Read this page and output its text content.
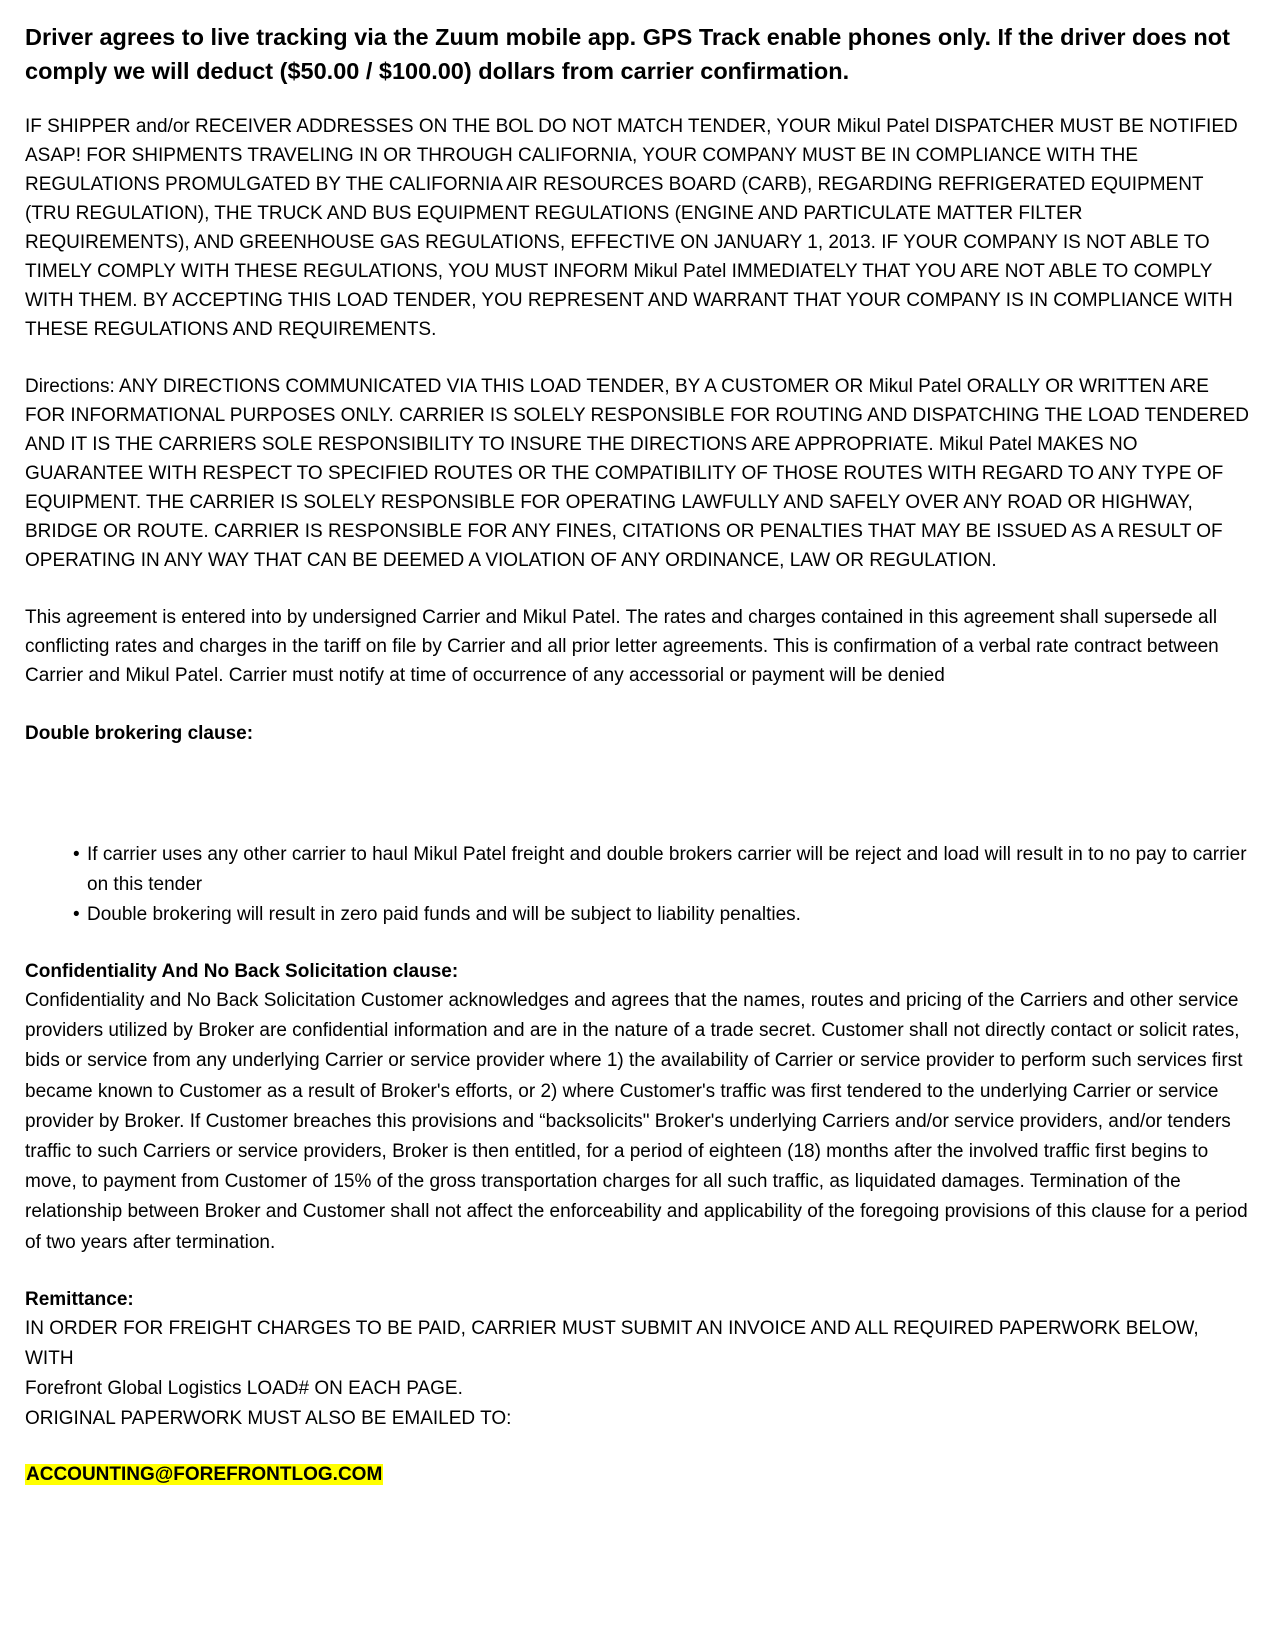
Driver agrees to live tracking via the Zuum mobile app. GPS Track enable phones only. If the driver does not comply we will deduct ($50.00 / $100.00) dollars from carrier confirmation.

IF SHIPPER and/or RECEIVER ADDRESSES ON THE BOL DO NOT MATCH TENDER, YOUR Mikul Patel DISPATCHER MUST BE NOTIFIED ASAP! FOR SHIPMENTS TRAVELING IN OR THROUGH CALIFORNIA, YOUR COMPANY MUST BE IN COMPLIANCE WITH THE REGULATIONS PROMULGATED BY THE CALIFORNIA AIR RESOURCES BOARD (CARB), REGARDING REFRIGERATED EQUIPMENT (TRU REGULATION), THE TRUCK AND BUS EQUIPMENT REGULATIONS (ENGINE AND PARTICULATE MATTER FILTER REQUIREMENTS), AND GREENHOUSE GAS REGULATIONS, EFFECTIVE ON JANUARY 1, 2013. IF YOUR COMPANY IS NOT ABLE TO TIMELY COMPLY WITH THESE REGULATIONS, YOU MUST INFORM Mikul Patel IMMEDIATELY THAT YOU ARE NOT ABLE TO COMPLY WITH THEM. BY ACCEPTING THIS LOAD TENDER, YOU REPRESENT AND WARRANT THAT YOUR COMPANY IS IN COMPLIANCE WITH THESE REGULATIONS AND REQUIREMENTS.

Directions: ANY DIRECTIONS COMMUNICATED VIA THIS LOAD TENDER, BY A CUSTOMER OR Mikul Patel ORALLY OR WRITTEN ARE FOR INFORMATIONAL PURPOSES ONLY. CARRIER IS SOLELY RESPONSIBLE FOR ROUTING AND DISPATCHING THE LOAD TENDERED AND IT IS THE CARRIERS SOLE RESPONSIBILITY TO INSURE THE DIRECTIONS ARE APPROPRIATE. Mikul Patel MAKES NO GUARANTEE WITH RESPECT TO SPECIFIED ROUTES OR THE COMPATIBILITY OF THOSE ROUTES WITH REGARD TO ANY TYPE OF EQUIPMENT. THE CARRIER IS SOLELY RESPONSIBLE FOR OPERATING LAWFULLY AND SAFELY OVER ANY ROAD OR HIGHWAY, BRIDGE OR ROUTE. CARRIER IS RESPONSIBLE FOR ANY FINES, CITATIONS OR PENALTIES THAT MAY BE ISSUED AS A RESULT OF OPERATING IN ANY WAY THAT CAN BE DEEMED A VIOLATION OF ANY ORDINANCE, LAW OR REGULATION.

This agreement is entered into by undersigned Carrier and Mikul Patel. The rates and charges contained in this agreement shall supersede all conflicting rates and charges in the tariff on file by Carrier and all prior letter agreements. This is confirmation of a verbal rate contract between Carrier and Mikul Patel. Carrier must notify at time of occurrence of any accessorial or payment will be denied

Double brokering clause:

• If carrier uses any other carrier to haul Mikul Patel freight and double brokers carrier will be reject and load will result in to no pay to carrier on this tender
• Double brokering will result in zero paid funds and will be subject to liability penalties.

Confidentiality And No Back Solicitation clause:

Confidentiality and No Back Solicitation Customer acknowledges and agrees that the names, routes and pricing of the Carriers and other service providers utilized by Broker are confidential information and are in the nature of a trade secret. Customer shall not directly contact or solicit rates, bids or service from any underlying Carrier or service provider where 1) the availability of Carrier or service provider to perform such services first became known to Customer as a result of Broker's efforts, or 2) where Customer's traffic was first tendered to the underlying Carrier or service provider by Broker. If Customer breaches this provisions and “backsolicits" Broker's underlying Carriers and/or service providers, and/or tenders traffic to such Carriers or service providers, Broker is then entitled, for a period of eighteen (18) months after the involved traffic first begins to move, to payment from Customer of 15% of the gross transportation charges for all such traffic, as liquidated damages. Termination of the relationship between Broker and Customer shall not affect the enforceability and applicability of the foregoing provisions of this clause for a period of two years after termination.

Remittance:

IN ORDER FOR FREIGHT CHARGES TO BE PAID, CARRIER MUST SUBMIT AN INVOICE AND ALL REQUIRED PAPERWORK BELOW, WITH
Forefront Global Logistics LOAD# ON EACH PAGE.
ORIGINAL PAPERWORK MUST ALSO BE EMAILED TO:
ACCOUNTING@FOREFRONTLOG.COM
